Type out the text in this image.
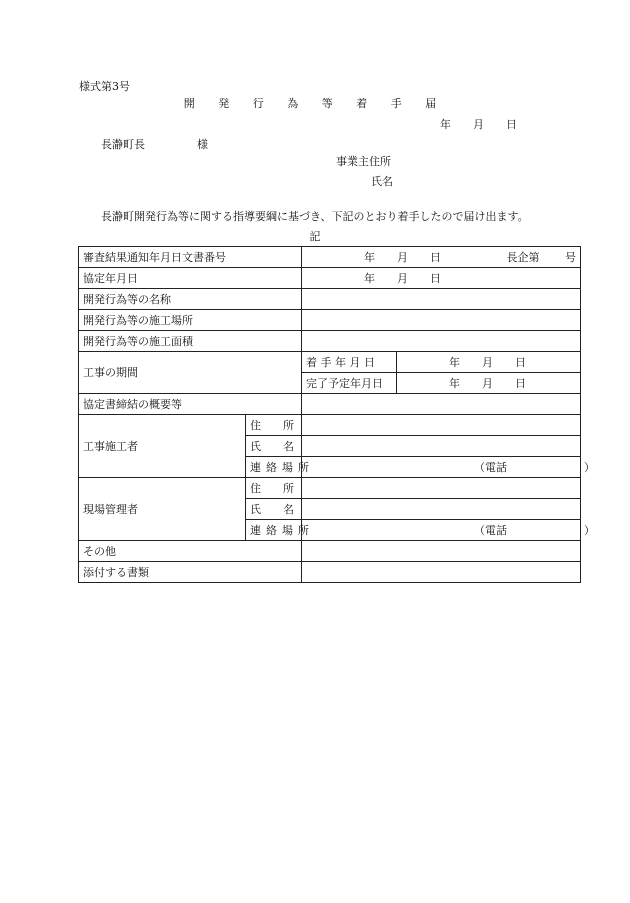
様式第3号
開 発 行 為 等 着 手 届
年　　月　　日
長瀞町長	様
事業主住所
氏名
長瀞町開発行為等に関する指導要綱に基づき、下記のとおり着手したので届け出ます。
記
審査結果通知年月日文書番号		年　　月　　日 長企第 号	

協定年月日		年　　月　　日	
開発行為等の名称			
開発行為等の施工場所			
開発行為等の施工面積			
工事の期間		着 手 年 月 日	年　　月　　日
		完了予定年月日	年　　月　　日
協定書締結の概要等			
工事施工者	住　　所		
	氏　　名		
	連絡場所	（電話　　　　　　　）	
現場管理者	住　　所		
	氏　　名		
	連絡場所	（電話　　　　　　　）	
その他			
添付する書類			
